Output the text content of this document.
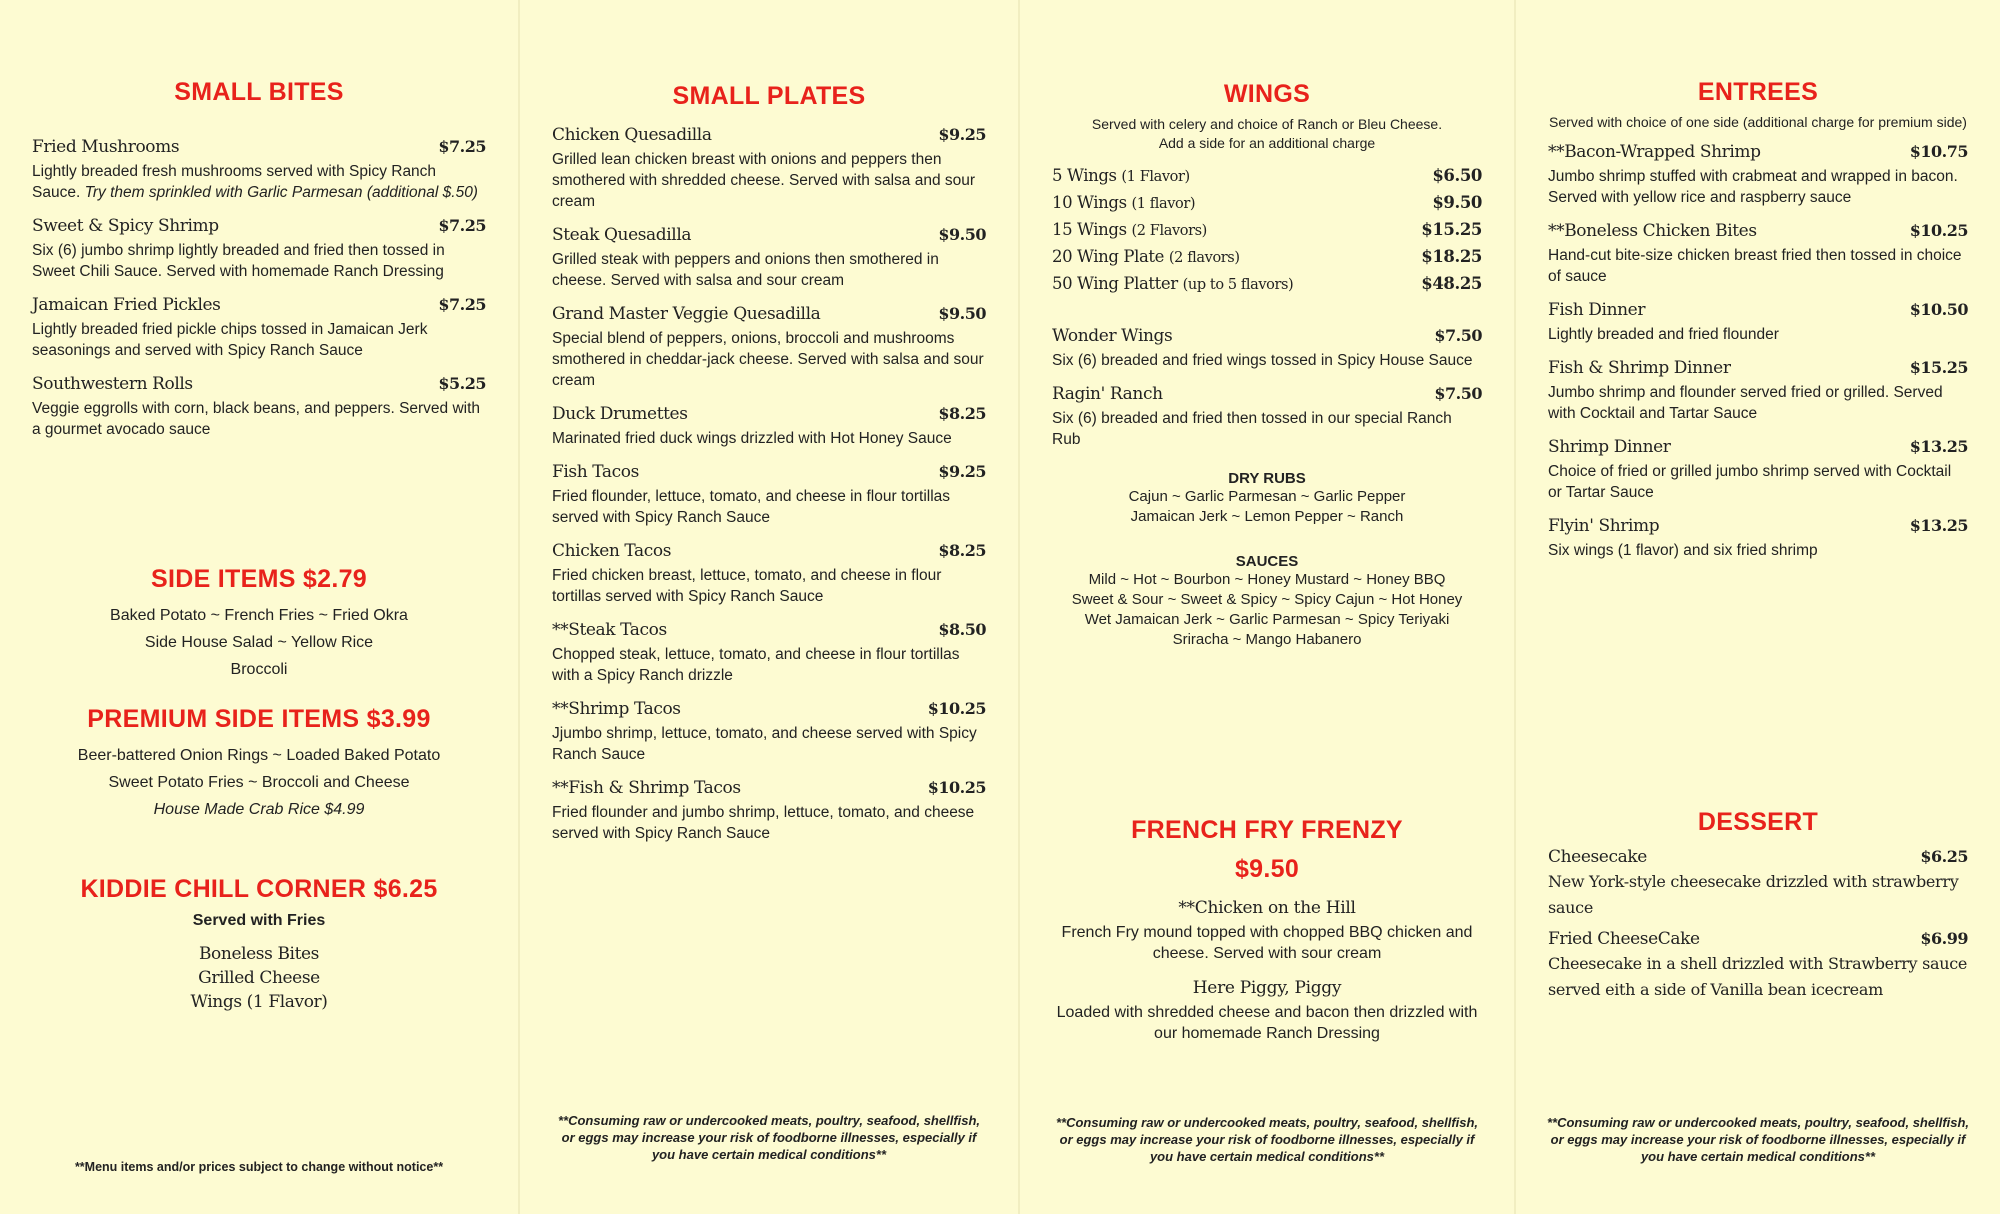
SMALL BITES
Fried Mushrooms	$7.25
Lightly breaded fresh mushrooms served with Spicy Ranch Sauce. Try them sprinkled with Garlic Parmesan (additional $.50)
Sweet & Spicy Shrimp	$7.25
Six (6) jumbo shrimp lightly breaded and fried then tossed in Sweet Chili Sauce. Served with homemade Ranch Dressing
Jamaican Fried Pickles	$7.25
Lightly breaded fried pickle chips tossed in Jamaican Jerk seasonings and served with Spicy Ranch Sauce
Southwestern Rolls	$5.25
Veggie eggrolls with corn, black beans, and peppers. Served with a gourmet avocado sauce
SIDE ITEMS $2.79
Baked Potato ~ French Fries ~ Fried Okra
Side House Salad ~ Yellow Rice
Broccoli
PREMIUM SIDE ITEMS $3.99
Beer-battered Onion Rings ~ Loaded Baked Potato
Sweet Potato Fries ~ Broccoli and Cheese
House Made Crab Rice $4.99
KIDDIE CHILL CORNER $6.25
Served with Fries
Boneless Bites
Grilled Cheese
Wings (1 Flavor)
**Menu items and/or prices subject to change without notice**
SMALL PLATES
Chicken Quesadilla	$9.25
Grilled lean chicken breast with onions and peppers then smothered with shredded cheese. Served with salsa and sour cream
Steak Quesadilla	$9.50
Grilled steak with peppers and onions then smothered in cheese. Served with salsa and sour cream
Grand Master Veggie Quesadilla	$9.50
Special blend of peppers, onions, broccoli and mushrooms smothered in cheddar-jack cheese. Served with salsa and sour cream
Duck Drumettes	$8.25
Marinated fried duck wings drizzled with Hot Honey Sauce
Fish Tacos	$9.25
Fried flounder, lettuce, tomato, and cheese in flour tortillas served with Spicy Ranch Sauce
Chicken Tacos	$8.25
Fried chicken breast, lettuce, tomato, and cheese in flour tortillas served with Spicy Ranch Sauce
**Steak Tacos	$8.50
Chopped steak, lettuce, tomato, and cheese in flour tortillas with a Spicy Ranch drizzle
**Shrimp Tacos	$10.25
Jjumbo shrimp, lettuce, tomato, and cheese served with Spicy Ranch Sauce
**Fish & Shrimp Tacos	$10.25
Fried flounder and jumbo shrimp, lettuce, tomato, and cheese served with Spicy Ranch Sauce
**Consuming raw or undercooked meats, poultry, seafood, shellfish, or eggs may increase your risk of foodborne illnesses, especially if you have certain medical conditions**
WINGS
Served with celery and choice of Ranch or Bleu Cheese.
Add a side for an additional charge
5 Wings (1 Flavor)	$6.50
10 Wings (1 flavor)	$9.50
15 Wings (2 Flavors)	$15.25
20 Wing Plate (2 flavors)	$18.25
50 Wing Platter (up to 5 flavors)	$48.25
Wonder Wings	$7.50
Six (6) breaded and fried wings tossed in Spicy House Sauce
Ragin' Ranch	$7.50
Six (6) breaded and fried then tossed in our special Ranch Rub
DRY RUBS
Cajun ~ Garlic Parmesan ~ Garlic Pepper
Jamaican Jerk ~ Lemon Pepper ~ Ranch
SAUCES
Mild ~ Hot ~ Bourbon ~ Honey Mustard ~ Honey BBQ
Sweet & Sour ~ Sweet & Spicy ~ Spicy Cajun ~ Hot Honey
Wet Jamaican Jerk ~ Garlic Parmesan ~ Spicy Teriyaki
Sriracha ~ Mango Habanero
FRENCH FRY FRENZY
$9.50
**Chicken on the Hill
French Fry mound topped with chopped BBQ chicken and cheese. Served with sour cream
Here Piggy, Piggy
Loaded with shredded cheese and bacon then drizzled with our homemade Ranch Dressing
**Consuming raw or undercooked meats, poultry, seafood, shellfish, or eggs may increase your risk of foodborne illnesses, especially if you have certain medical conditions**
ENTREES
Served with choice of one side (additional charge for premium side)
**Bacon-Wrapped Shrimp	$10.75
Jumbo shrimp stuffed with crabmeat and wrapped in bacon. Served with yellow rice and raspberry sauce
**Boneless Chicken Bites	$10.25
Hand-cut bite-size chicken breast fried then tossed in choice of sauce
Fish Dinner	$10.50
Lightly breaded and fried flounder
Fish & Shrimp Dinner	$15.25
Jumbo shrimp and flounder served fried or grilled. Served with Cocktail and Tartar Sauce
Shrimp Dinner	$13.25
Choice of fried or grilled jumbo shrimp served with Cocktail or Tartar Sauce
Flyin' Shrimp	$13.25
Six wings (1 flavor) and six fried shrimp
DESSERT
Cheesecake	$6.25
New York-style cheesecake drizzled with strawberry sauce
Fried CheeseCake	$6.99
Cheesecake in a shell drizzled with Strawberry sauce served eith a side of Vanilla bean icecream
**Consuming raw or undercooked meats, poultry, seafood, shellfish, or eggs may increase your risk of foodborne illnesses, especially if you have certain medical conditions**
